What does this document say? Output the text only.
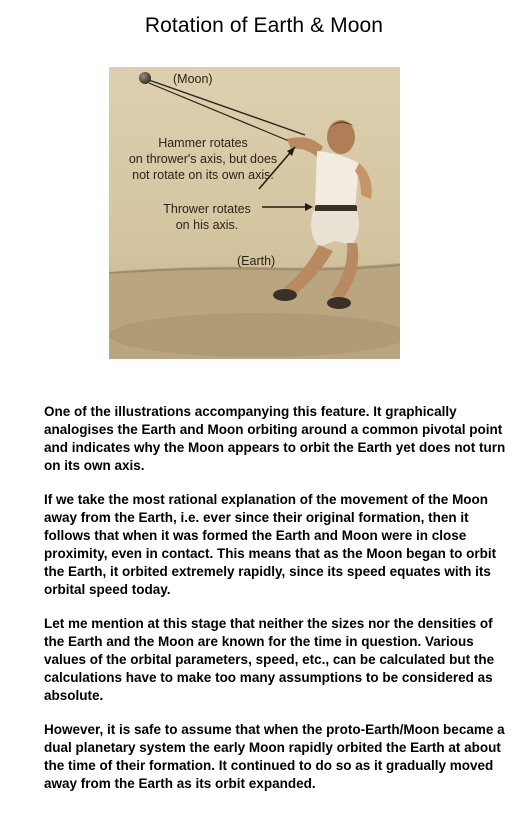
Rotation of Earth & Moon
(Moon)
Hammer rotates
on thrower's axis, but does
not rotate on its own axis.
Thrower rotates
on his axis.
(Earth)

One of the illustrations accompanying this feature. It graphically analogises the Earth and Moon orbiting around a common pivotal point and indicates why the Moon appears to orbit the Earth yet does not turn on its own axis.

If we take the most rational explanation of the movement of the Moon away from the Earth, i.e. ever since their original formation, then it follows that when it was formed the Earth and Moon were in close proximity, even in contact. This means that as the Moon began to orbit the Earth, it orbited extremely rapidly, since its speed equates with its orbital speed today.

Let me mention at this stage that neither the sizes nor the densities of the Earth and the Moon are known for the time in question. Various values of the orbital parameters, speed, etc., can be calculated but the calculations have to make too many assumptions to be considered as absolute.

However, it is safe to assume that when the proto-Earth/Moon became a dual planetary system the early Moon rapidly orbited the Earth at about the time of their formation. It continued to do so as it gradually moved away from the Earth as its orbit expanded.
